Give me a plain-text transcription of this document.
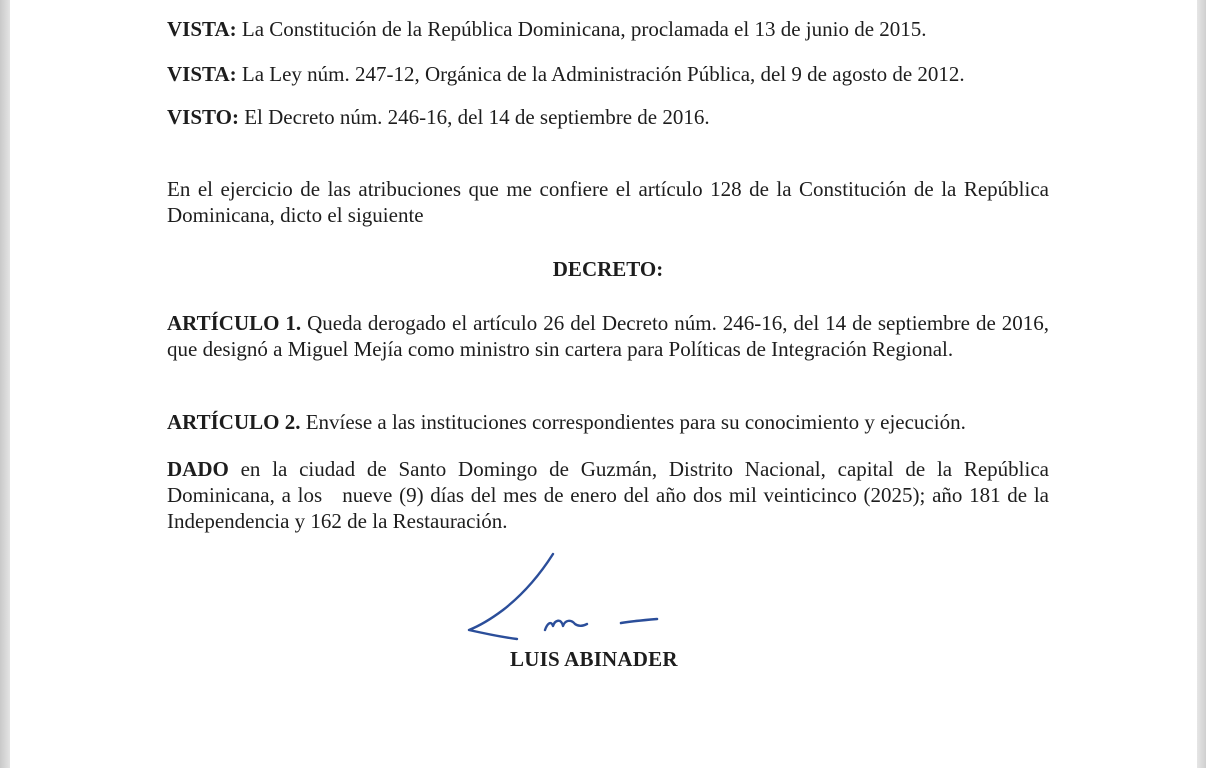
VISTA: La Constitución de la República Dominicana, proclamada el 13 de junio de 2015.

VISTA: La Ley núm. 247-12, Orgánica de la Administración Pública, del 9 de agosto de 2012.

VISTO: El Decreto núm. 246-16, del 14 de septiembre de 2016.

En el ejercicio de las atribuciones que me confiere el artículo 128 de la Constitución de la República Dominicana, dicto el siguiente

DECRETO:

ARTÍCULO 1. Queda derogado el artículo 26 del Decreto núm. 246-16, del 14 de septiembre de 2016, que designó a Miguel Mejía como ministro sin cartera para Políticas de Integración Regional.

ARTÍCULO 2. Envíese a las instituciones correspondientes para su conocimiento y ejecución.

DADO en la ciudad de Santo Domingo de Guzmán, Distrito Nacional, capital de la República Dominicana, a los   nueve (9) días del mes de enero del año dos mil veinticinco (2025); año 181 de la Independencia y 162 de la Restauración.

LUIS ABINADER
